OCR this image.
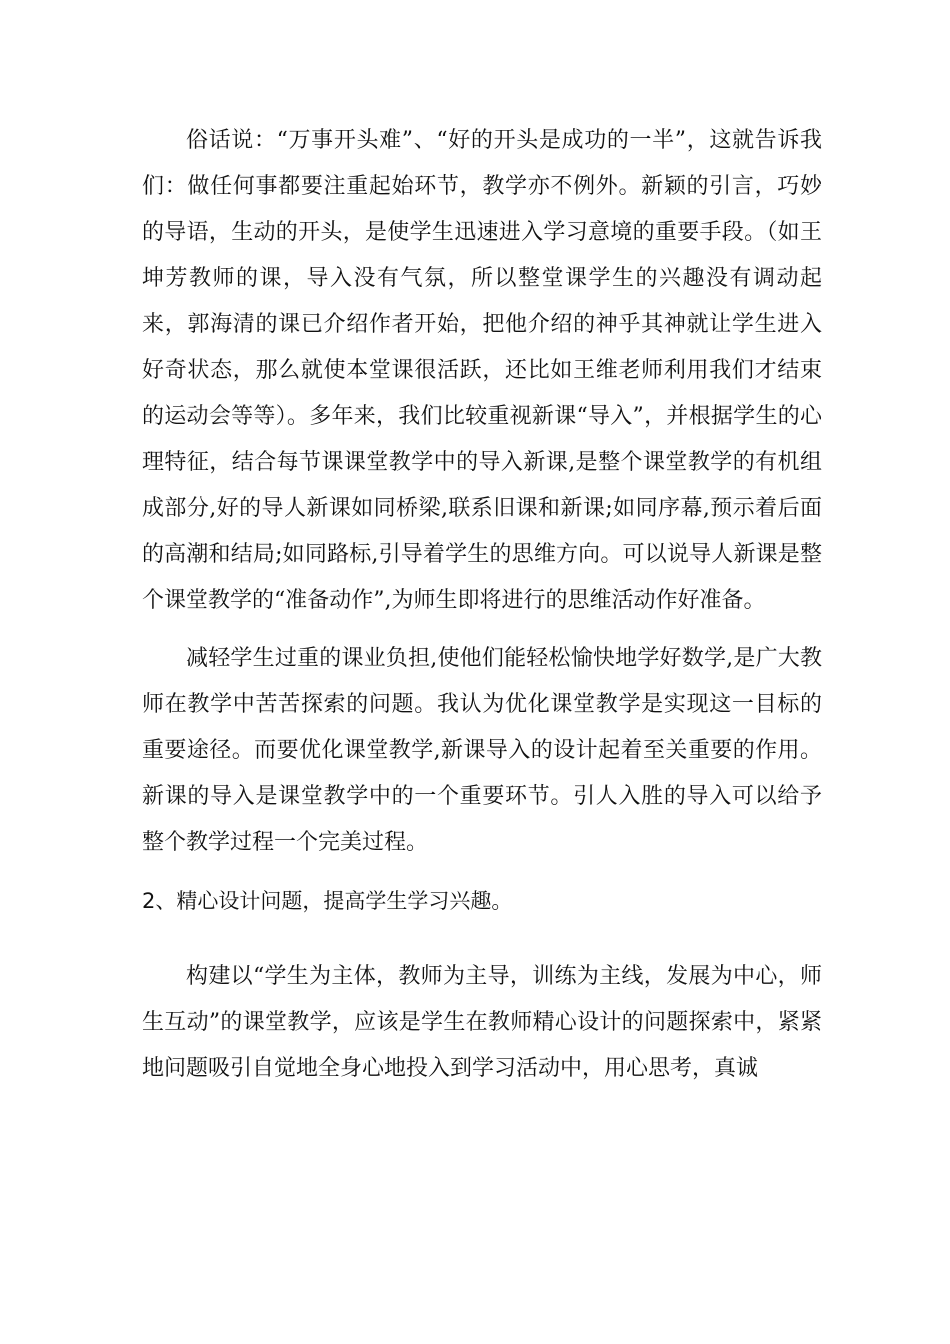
俗话说：“万事开头难”、“好的开头是成功的一半”，这就告诉我们：做任何事都要注重起始环节，教学亦不例外。新颖的引言，巧妙的导语，生动的开头，是使学生迅速进入学习意境的重要手段。（如王坤芳教师的课，导入没有气氛，所以整堂课学生的兴趣没有调动起来，郭海清的课已介绍作者开始，把他介绍的神乎其神就让学生进入好奇状态，那么就使本堂课很活跃，还比如王维老师利用我们才结束的运动会等等）。多年来，我们比较重视新课“导入”，并根据学生的心理特征，结合每节课课堂教学中的导入新课,是整个课堂教学的有机组成部分,好的导人新课如同桥梁,联系旧课和新课;如同序幕,预示着后面的高潮和结局;如同路标,引导着学生的思维方向。可以说导人新课是整个课堂教学的“准备动作”,为师生即将进行的思维活动作好准备。

减轻学生过重的课业负担,使他们能轻松愉快地学好数学,是广大教师在教学中苦苦探索的问题。我认为优化课堂教学是实现这一目标的重要途径。而要优化课堂教学,新课导入的设计起着至关重要的作用。新课的导入是课堂教学中的一个重要环节。引人入胜的导入可以给予整个教学过程一个完美过程。

2、精心设计问题，提高学生学习兴趣。

构建以“学生为主体，教师为主导，训练为主线，发展为中心，师生互动”的课堂教学，应该是学生在教师精心设计的问题探索中，紧紧地问题吸引自觉地全身心地投入到学习活动中，用心思考，真诚
